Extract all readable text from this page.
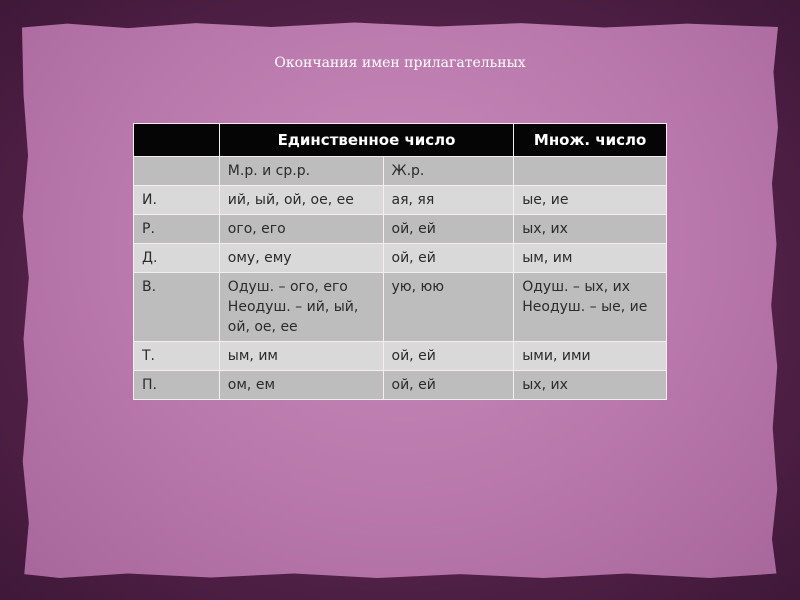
Окончания имен прилагательных
	Единственное число		Множ. число
	М.р. и ср.р.	Ж.р.	
И.	ий, ый, ой, ое, ее	ая, яя	ые, ие
Р.	ого, его	ой, ей	ых, их
Д.	ому, ему	ой, ей	ым, им
В.	Одуш. – ого, его Неодуш. – ий, ый, ой, ое, ее	ую, юю	Одуш. – ых, их Неодуш. – ые, ие
Т.	ым, им	ой, ей	ыми, ими
П.	ом, ем	ой, ей	ых, их
